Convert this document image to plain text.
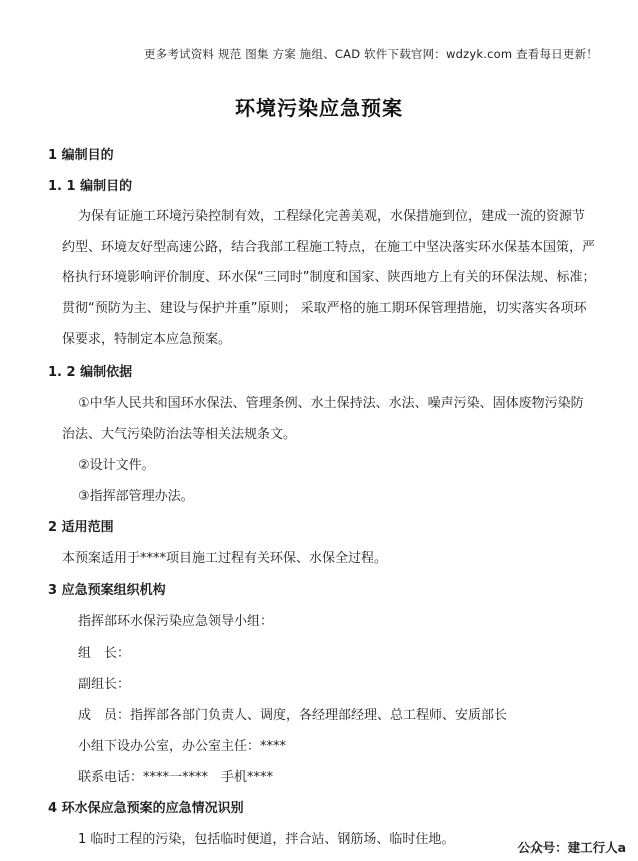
更多考试资料 规范 图集 方案 施组、CAD 软件下载官网：wdzyk.com 查看每日更新！
环境污染应急预案
1 编制目的
1. 1 编制目的
为保有证施工环境污染控制有效，工程绿化完善美观，水保措施到位，建成一流的资源节
约型、环境友好型高速公路，结合我部工程施工特点，在施工中坚决落实环水保基本国策，严
格执行环境影响评价制度、环水保“三同时”制度和国家、陕西地方上有关的环保法规、标准；
贯彻“预防为主、建设与保护并重”原则； 采取严格的施工期环保管理措施，切实落实各项环
保要求，特制定本应急预案。
1. 2 编制依据
①中华人民共和国环水保法、管理条例、水土保持法、水法、噪声污染、固体废物污染防
治法、大气污染防治法等相关法规条文。
②设计文件。
③指挥部管理办法。
2 适用范围
本预案适用于****项目施工过程有关环保、水保全过程。
3 应急预案组织机构
指挥部环水保污染应急领导小组：
组　长：
副组长：
成　员：指挥部各部门负责人、调度，各经理部经理、总工程师、安质部长
小组下设办公室，办公室主任：****
联系电话：****一****　手机****
4 环水保应急预案的应急情况识别
1 临时工程的污染，包括临时便道，拌合站、钢筋场、临时住地。
公众号：建工行人a
